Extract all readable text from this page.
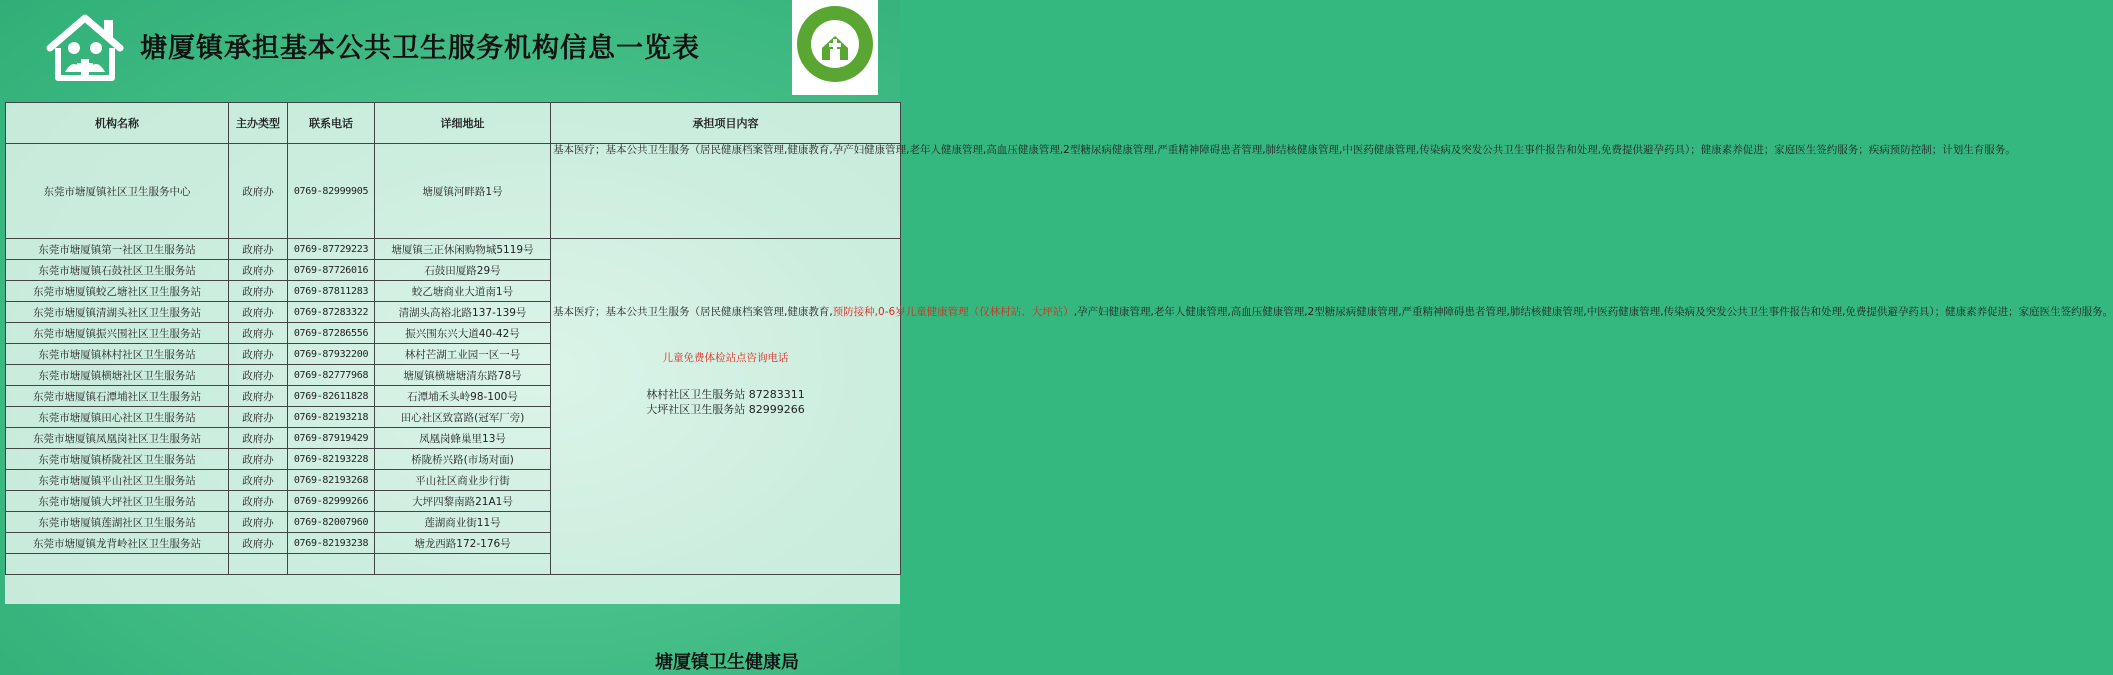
塘厦镇承担基本公共卫生服务机构信息一览表
机构名称	主办类型	联系电话	详细地址	承担项目内容
东莞市塘厦镇社区卫生服务中心	政府办	0769-82999905	塘厦镇河畔路1号	基本医疗；基本公共卫生服务（居民健康档案管理,健康教育,孕产妇健康管理,老年人健康管理,高血压健康管理,2型糖尿病健康管理,严重精神障碍患者管理,肺结核健康管理,中医药健康管理,传染病及突发公共卫生事件报告和处理,免费提供避孕药具）；健康素养促进；家庭医生签约服务；疾病预防控制；计划生育服务。
东莞市塘厦镇第一社区卫生服务站	政府办	0769-87729223	塘厦镇三正休闲购物城5119号	基本医疗；基本公共卫生服务（居民健康档案管理,健康教育,预防接种,0-6岁儿童健康管理（仅林村站、大坪站）,孕产妇健康管理,老年人健康管理,高血压健康管理,2型糖尿病健康管理,严重精神障碍患者管理,肺结核健康管理,中医药健康管理,传染病及突发公共卫生事件报告和处理,免费提供避孕药具）；健康素养促进；家庭医生签约服务。
儿童免费体检站点咨询电话
林村社区卫生服务站 87283311
大坪社区卫生服务站 82999266

东莞市塘厦镇石鼓社区卫生服务站	政府办	0769-87726016	石鼓田厦路29号	
东莞市塘厦镇蛟乙塘社区卫生服务站	政府办	0769-87811283	蛟乙塘商业大道南1号	
东莞市塘厦镇清湖头社区卫生服务站	政府办	0769-87283322	清湖头高裕北路137-139号	
东莞市塘厦镇振兴围社区卫生服务站	政府办	0769-87286556	振兴围东兴大道40-42号	
东莞市塘厦镇林村社区卫生服务站	政府办	0769-87932200	林村芒湖工业园一区一号	
东莞市塘厦镇横塘社区卫生服务站	政府办	0769-82777968	塘厦镇横塘塘清东路78号	
东莞市塘厦镇石潭埔社区卫生服务站	政府办	0769-82611828	石潭埔禾头岭98-100号	
东莞市塘厦镇田心社区卫生服务站	政府办	0769-82193218	田心社区致富路(冠军厂旁)	
东莞市塘厦镇凤凰岗社区卫生服务站	政府办	0769-87919429	凤凰岗蜂巢里13号	
东莞市塘厦镇桥陇社区卫生服务站	政府办	0769-82193228	桥陇桥兴路(市场对面)	
东莞市塘厦镇平山社区卫生服务站	政府办	0769-82193268	平山社区商业步行街	
东莞市塘厦镇大坪社区卫生服务站	政府办	0769-82999266	大坪四黎南路21A1号	
东莞市塘厦镇莲湖社区卫生服务站	政府办	0769-82007960	莲湖商业街11号	
东莞市塘厦镇龙背岭社区卫生服务站	政府办	0769-82193238	塘龙西路172-176号	

塘厦镇卫生健康局
